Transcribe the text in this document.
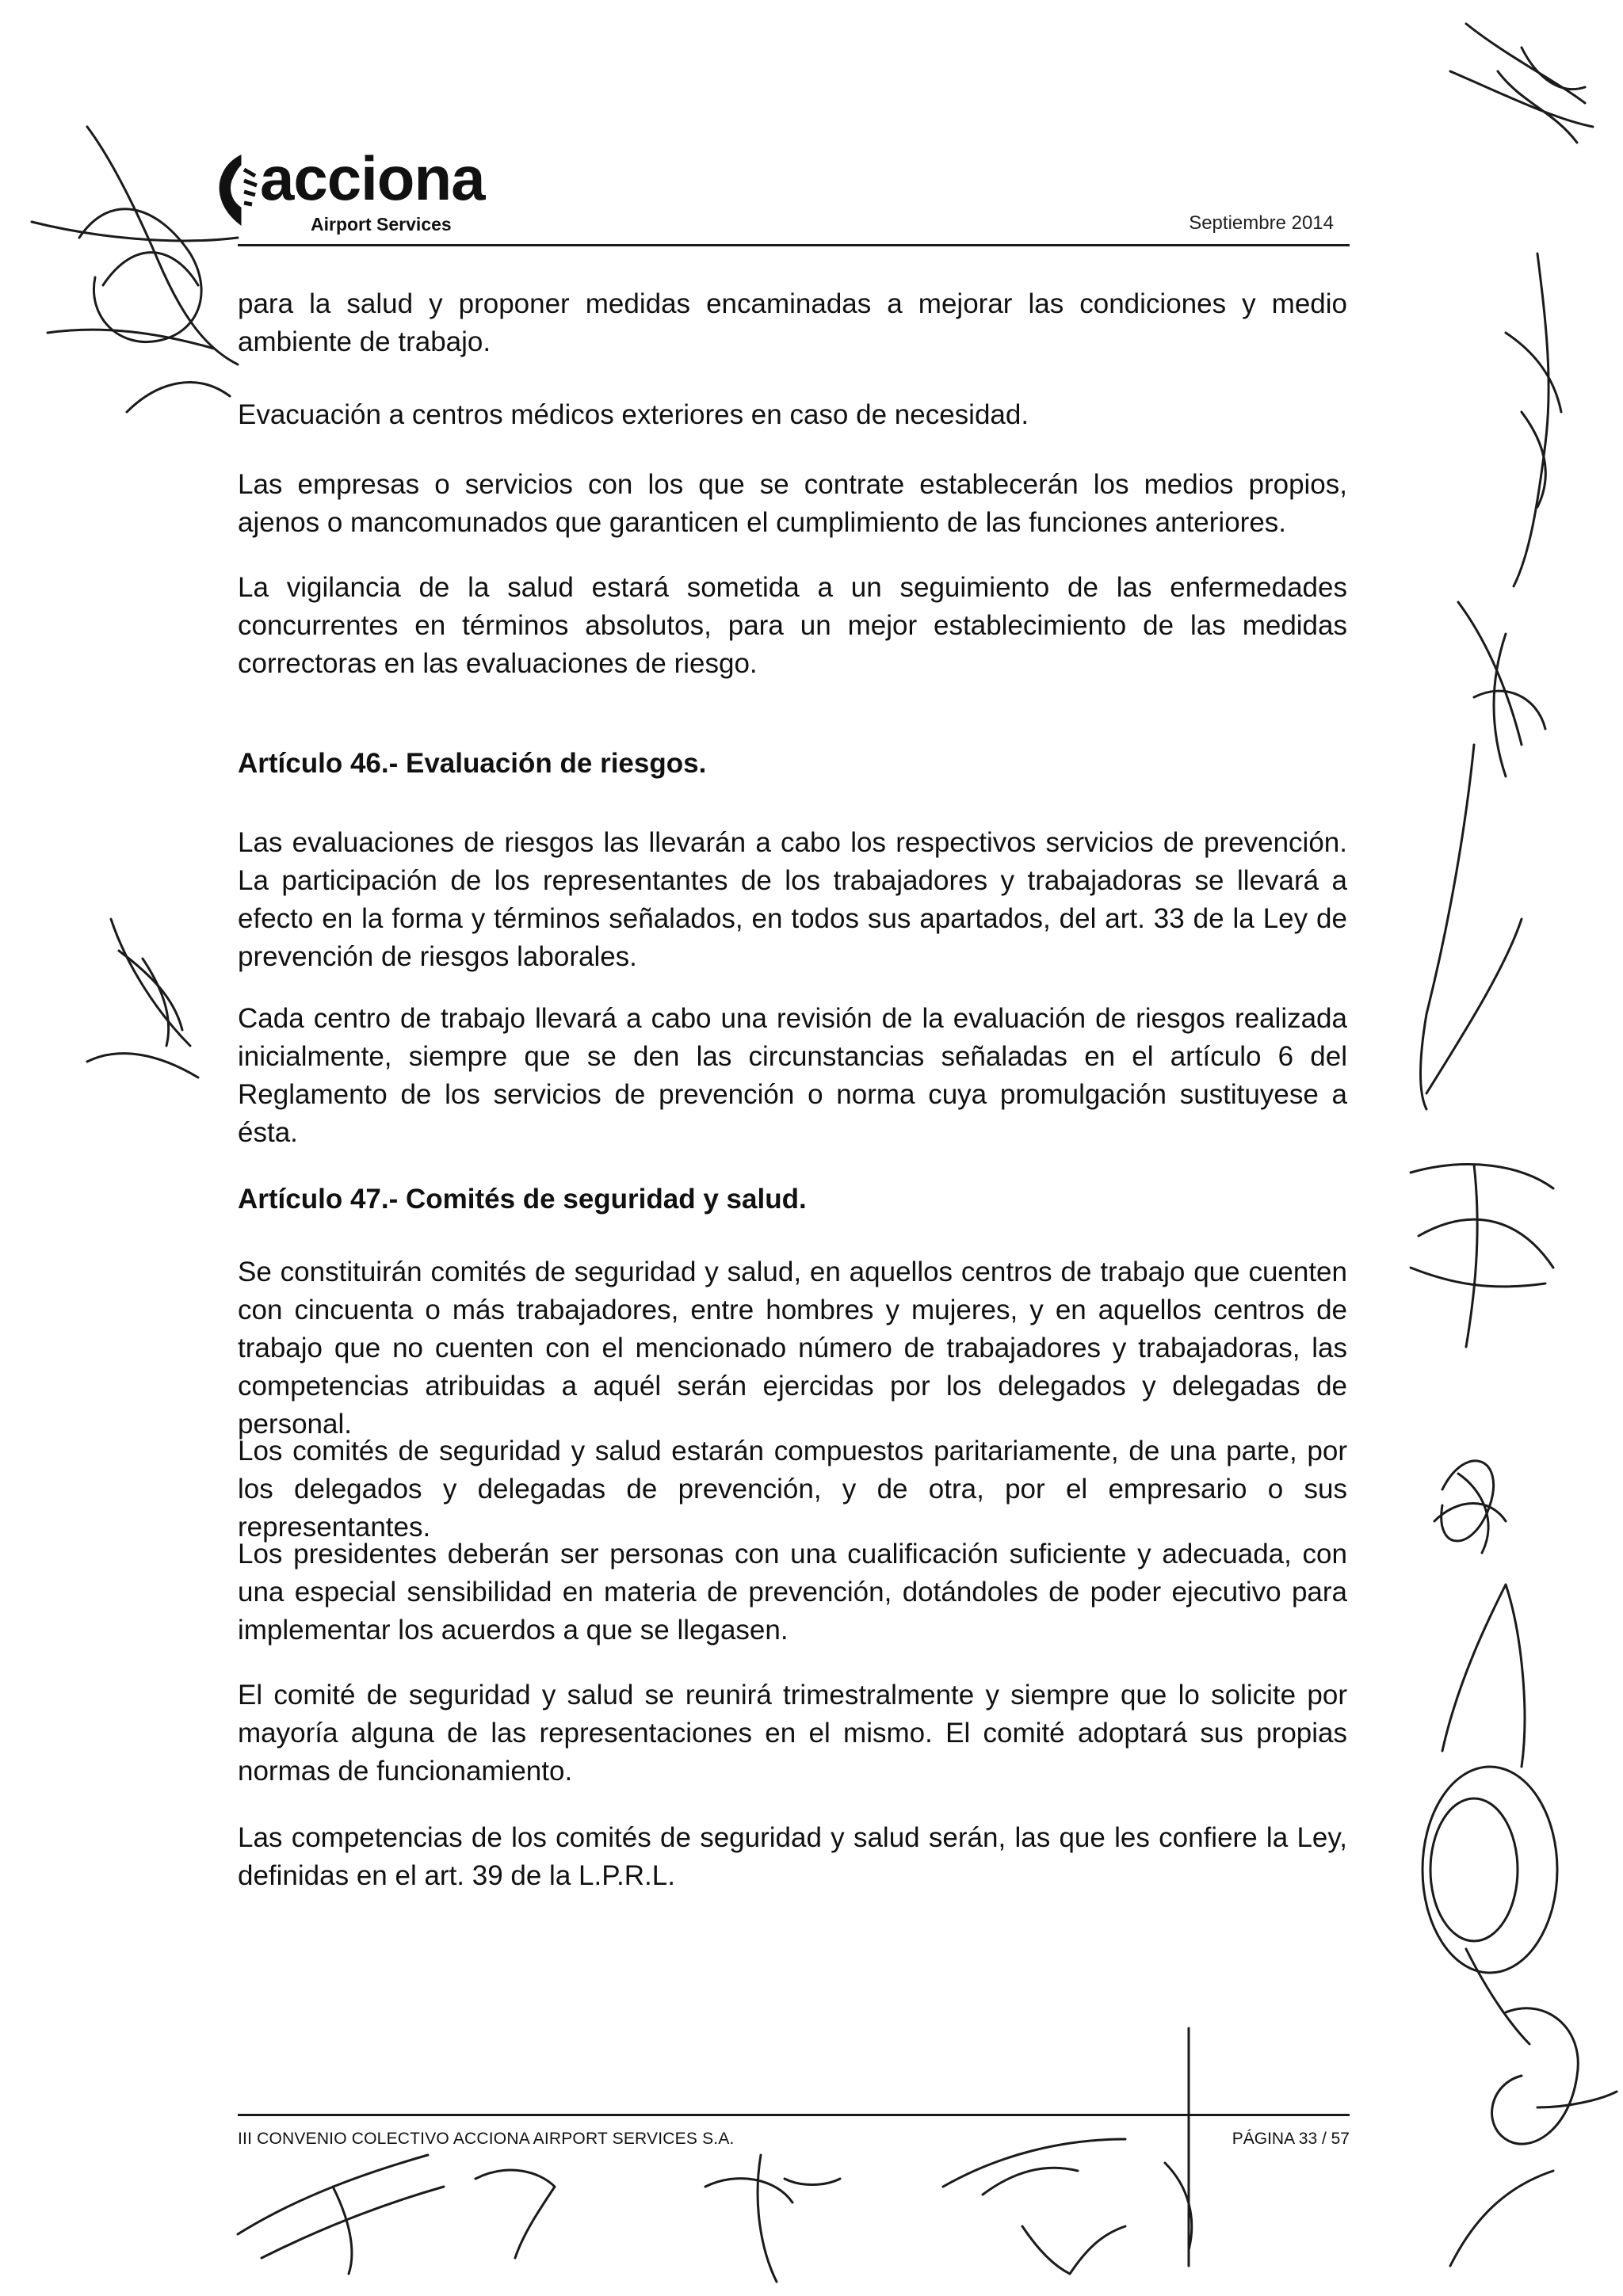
acciona
Airport Services	Septiembre 2014

para la salud y proponer medidas encaminadas a mejorar las condiciones y medio ambiente de trabajo.

Evacuación a centros médicos exteriores en caso de necesidad.

Las empresas o servicios con los que se contrate establecerán los medios propios, ajenos o mancomunados que garanticen el cumplimiento de las funciones anteriores.

La vigilancia de la salud estará sometida a un seguimiento de las enfermedades concurrentes en términos absolutos, para un mejor establecimiento de las medidas correctoras en las evaluaciones de riesgo.

Artículo 46.- Evaluación de riesgos.

Las evaluaciones de riesgos las llevarán a cabo los respectivos servicios de prevención. La participación de los representantes de los trabajadores y trabajadoras se llevará a efecto en la forma y términos señalados, en todos sus apartados, del art. 33 de la Ley de prevención de riesgos laborales.

Cada centro de trabajo llevará a cabo una revisión de la evaluación de riesgos realizada inicialmente, siempre que se den las circunstancias señaladas en el artículo 6 del Reglamento de los servicios de prevención o norma cuya promulgación sustituyese a ésta.

Artículo 47.- Comités de seguridad y salud.

Se constituirán comités de seguridad y salud, en aquellos centros de trabajo que cuenten con cincuenta o más trabajadores, entre hombres y mujeres, y en aquellos centros de trabajo que no cuenten con el mencionado número de trabajadores y trabajadoras, las competencias atribuidas a aquél serán ejercidas por los delegados y delegadas de personal.

Los comités de seguridad y salud estarán compuestos paritariamente, de una parte, por los delegados y delegadas de prevención, y de otra, por el empresario o sus representantes.

Los presidentes deberán ser personas con una cualificación suficiente y adecuada, con una especial sensibilidad en materia de prevención, dotándoles de poder ejecutivo para implementar los acuerdos a que se llegasen.

El comité de seguridad y salud se reunirá trimestralmente y siempre que lo solicite por mayoría alguna de las representaciones en el mismo. El comité adoptará sus propias normas de funcionamiento.

Las competencias de los comités de seguridad y salud serán, las que les confiere la Ley, definidas en el art. 39 de la L.P.R.L.

III CONVENIO COLECTIVO ACCIONA AIRPORT SERVICES S.A.	PÁGINA 33 / 57
